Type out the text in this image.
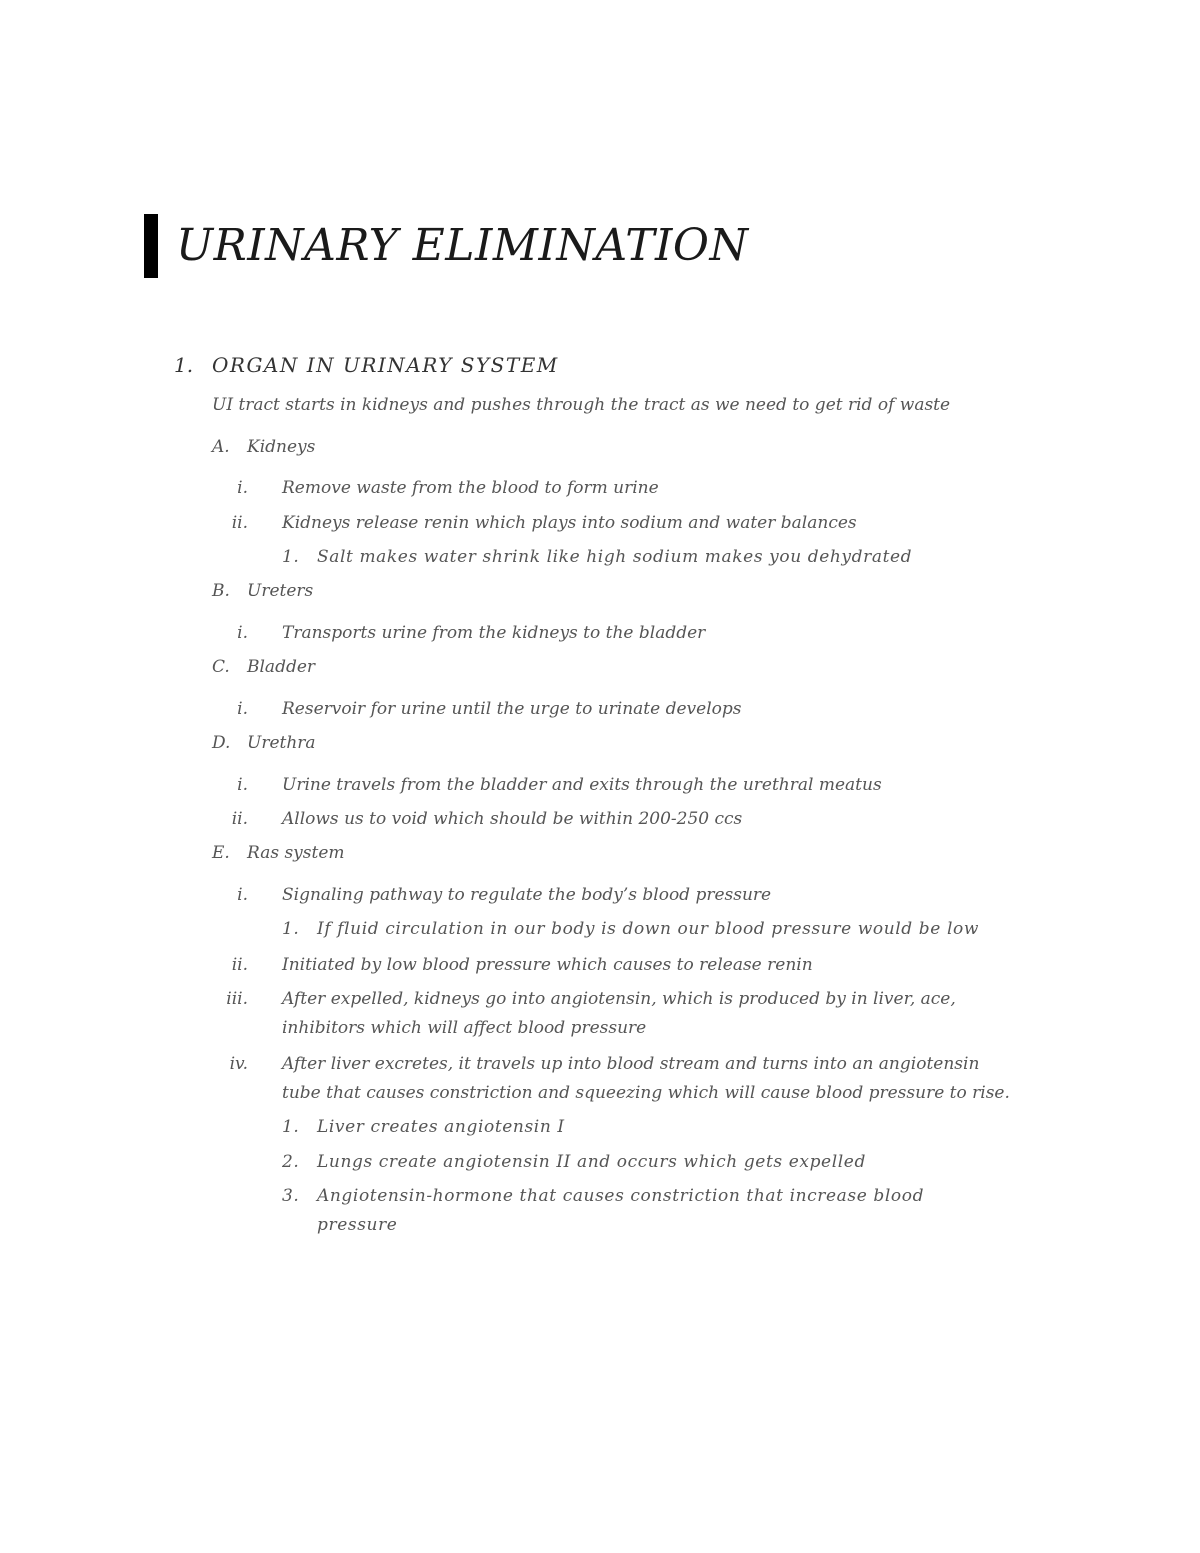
URINARY ELIMINATION
1. ORGAN IN URINARY SYSTEM
UI tract starts in kidneys and pushes through the tract as we need to get rid of waste
A. Kidneys
i. Remove waste from the blood to form urine
ii. Kidneys release renin which plays into sodium and water balances
1. Salt makes water shrink like high sodium makes you dehydrated
B. Ureters
i. Transports urine from the kidneys to the bladder
C. Bladder
i. Reservoir for urine until the urge to urinate develops
D. Urethra
i. Urine travels from the bladder and exits through the urethral meatus
ii. Allows us to void which should be within 200-250 ccs
E. Ras system
i. Signaling pathway to regulate the body’s blood pressure
1. If fluid circulation in our body is down our blood pressure would be low
ii. Initiated by low blood pressure which causes to release renin
iii. After expelled, kidneys go into angiotensin, which is produced by in liver, ace,
inhibitors which will affect blood pressure
iv. After liver excretes, it travels up into blood stream and turns into an angiotensin
tube that causes constriction and squeezing which will cause blood pressure to rise.
1. Liver creates angiotensin I
2. Lungs create angiotensin II and occurs which gets expelled
3. Angiotensin-hormone that causes constriction that increase blood
pressure
